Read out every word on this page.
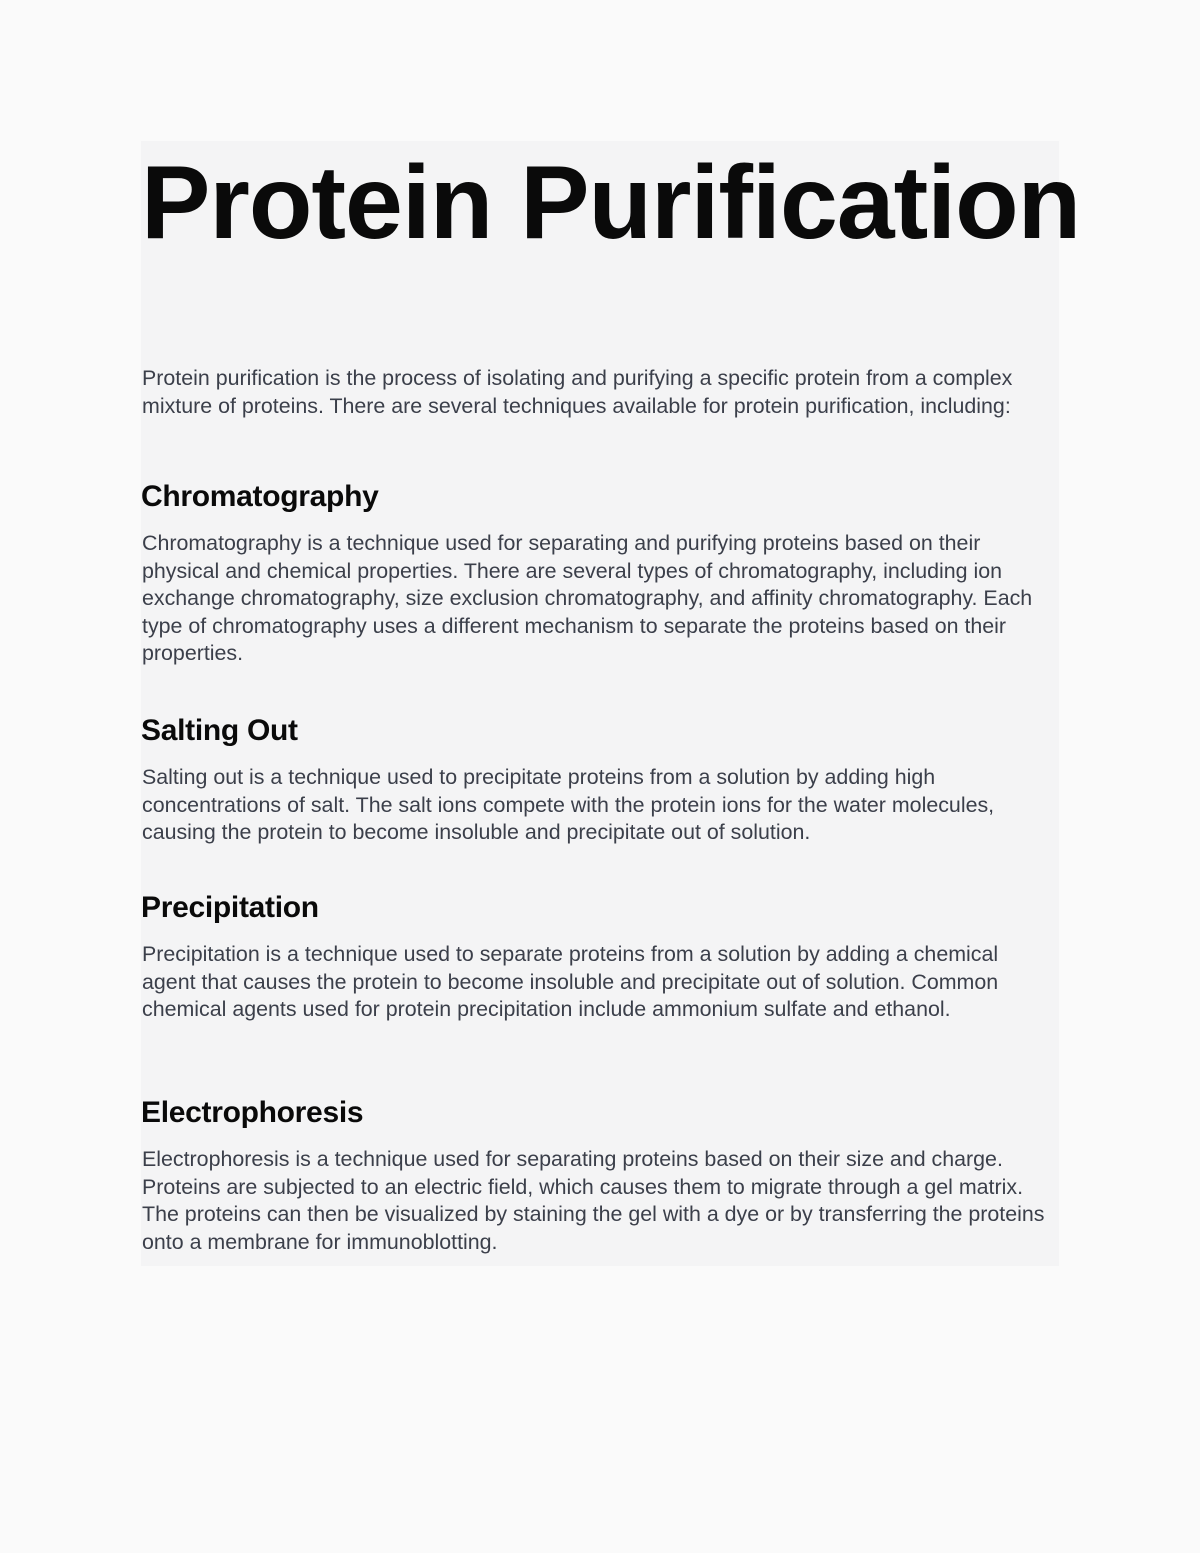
Protein Purification

Protein purification is the process of isolating and purifying a specific protein from a complex mixture of proteins. There are several techniques available for protein purification, including:

Chromatography

Chromatography is a technique used for separating and purifying proteins based on their physical and chemical properties. There are several types of chromatography, including ion exchange chromatography, size exclusion chromatography, and affinity chromatography. Each type of chromatography uses a different mechanism to separate the proteins based on their properties.

Salting Out

Salting out is a technique used to precipitate proteins from a solution by adding high concentrations of salt. The salt ions compete with the protein ions for the water molecules, causing the protein to become insoluble and precipitate out of solution.

Precipitation

Precipitation is a technique used to separate proteins from a solution by adding a chemical agent that causes the protein to become insoluble and precipitate out of solution. Common chemical agents used for protein precipitation include ammonium sulfate and ethanol.

Electrophoresis

Electrophoresis is a technique used for separating proteins based on their size and charge. Proteins are subjected to an electric field, which causes them to migrate through a gel matrix. The proteins can then be visualized by staining the gel with a dye or by transferring the proteins onto a membrane for immunoblotting.
